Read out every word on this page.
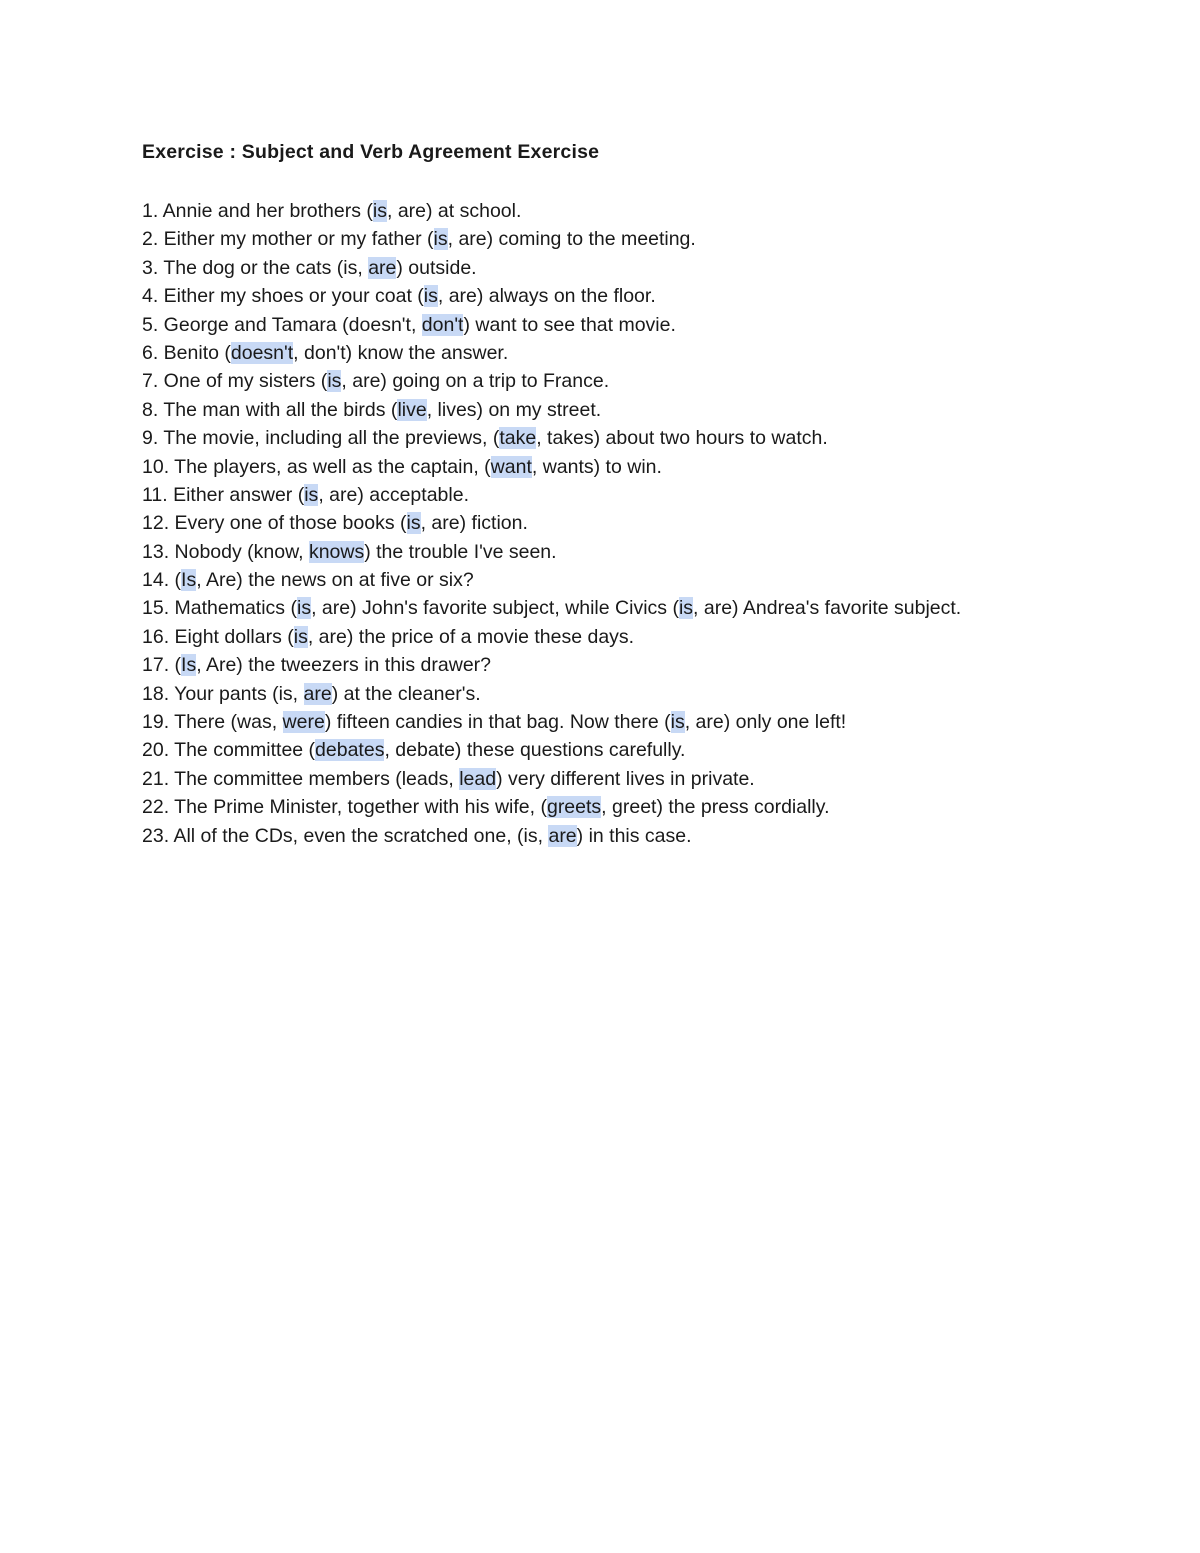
Exercise : Subject and Verb Agreement Exercise
1. Annie and her brothers (is, are) at school.
2. Either my mother or my father (is, are) coming to the meeting.
3. The dog or the cats (is, are) outside.
4. Either my shoes or your coat (is, are) always on the floor.
5. George and Tamara (doesn't, don't) want to see that movie.
6. Benito (doesn't, don't) know the answer.
7. One of my sisters (is, are) going on a trip to France.
8. The man with all the birds (live, lives) on my street.
9. The movie, including all the previews, (take, takes) about two hours to watch.
10. The players, as well as the captain, (want, wants) to win.
11. Either answer (is, are) acceptable.
12. Every one of those books (is, are) fiction.
13. Nobody (know, knows) the trouble I've seen.
14. (Is, Are) the news on at five or six?
15. Mathematics (is, are) John's favorite subject, while Civics (is, are) Andrea's favorite subject.
16. Eight dollars (is, are) the price of a movie these days.
17. (Is, Are) the tweezers in this drawer?
18. Your pants (is, are) at the cleaner's.
19. There (was, were) fifteen candies in that bag. Now there (is, are) only one left!
20. The committee (debates, debate) these questions carefully.
21. The committee members (leads, lead) very different lives in private.
22. The Prime Minister, together with his wife, (greets, greet) the press cordially.
23. All of the CDs, even the scratched one, (is, are) in this case.
